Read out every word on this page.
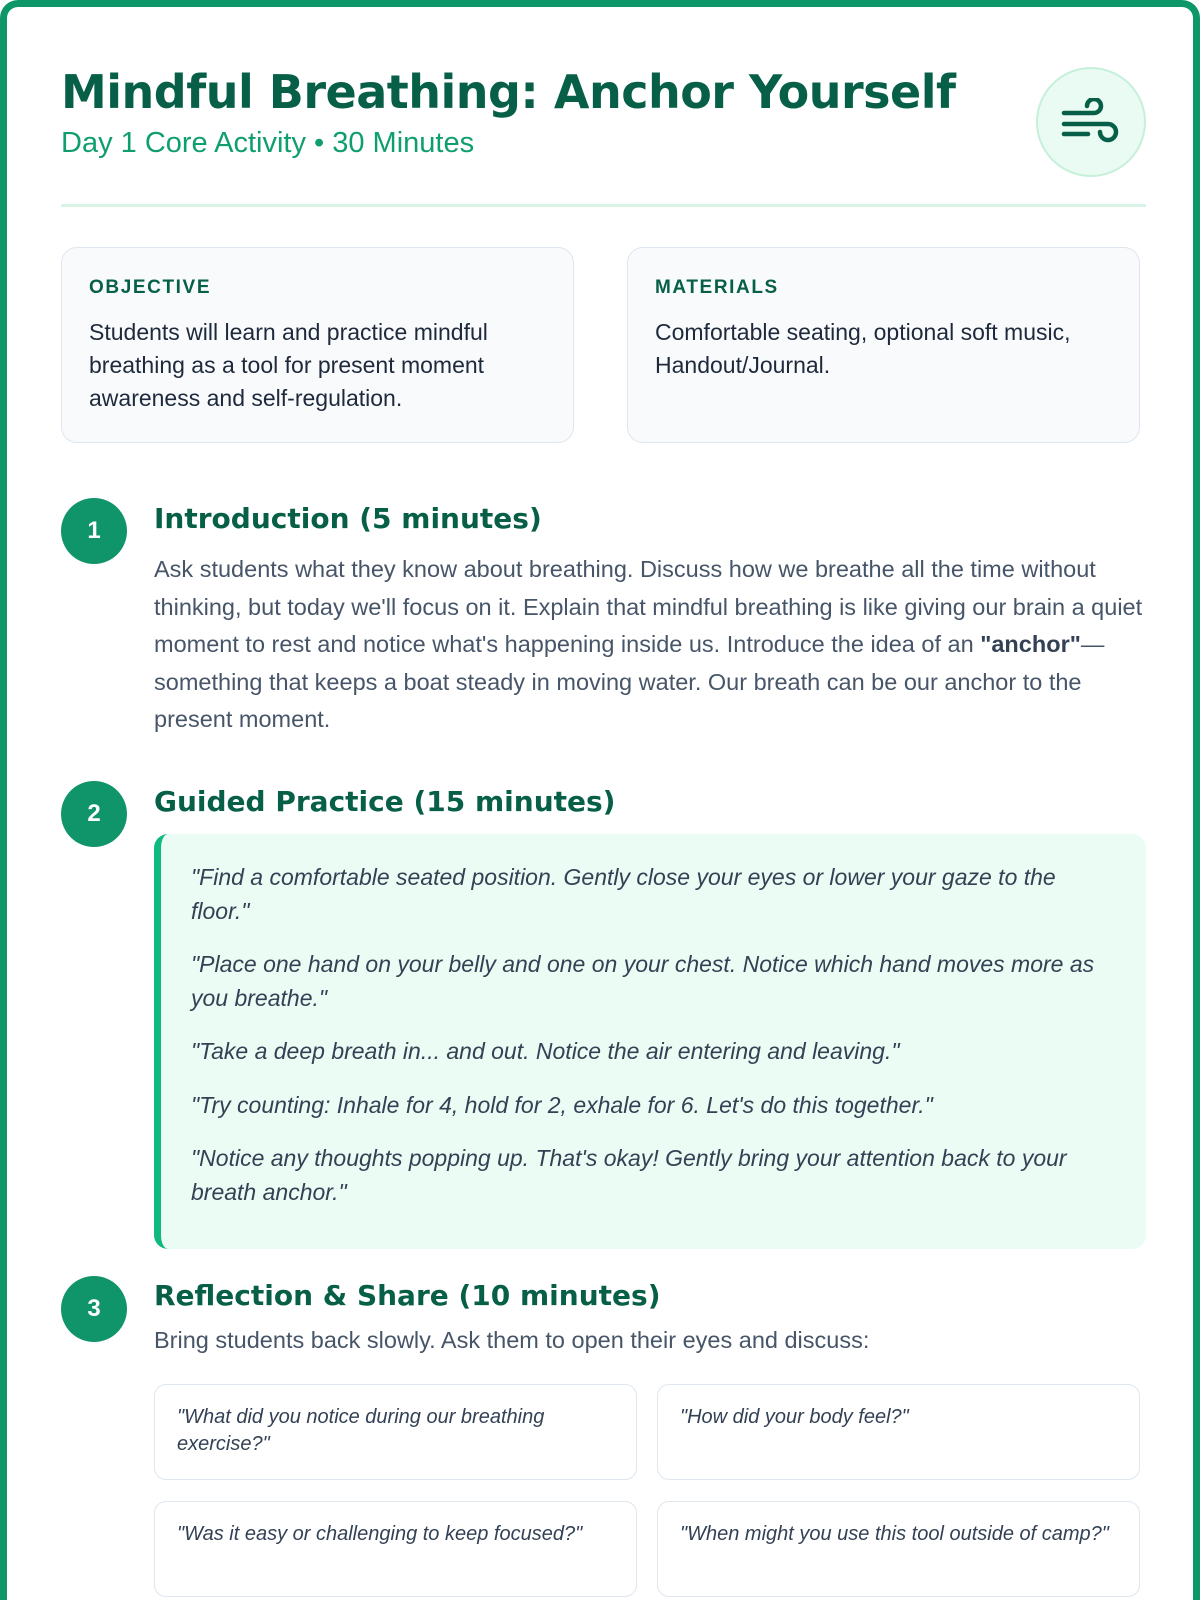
Mindful Breathing: Anchor Yourself
Day 1 Core Activity • 30 Minutes
OBJECTIVE
Students will learn and practice mindful breathing as a tool for present moment awareness and self-regulation.
MATERIALS
Comfortable seating, optional soft music, Handout/Journal.
1	Introduction (5 minutes)
Ask students what they know about breathing. Discuss how we breathe all the time without thinking, but today we'll focus on it. Explain that mindful breathing is like giving our brain a quiet moment to rest and notice what's happening inside us. Introduce the idea of an "anchor"—something that keeps a boat steady in moving water. Our breath can be our anchor to the present moment.
2	Guided Practice (15 minutes)
"Find a comfortable seated position. Gently close your eyes or lower your gaze to the floor."
"Place one hand on your belly and one on your chest. Notice which hand moves more as you breathe."
"Take a deep breath in... and out. Notice the air entering and leaving."
"Try counting: Inhale for 4, hold for 2, exhale for 6. Let's do this together."
"Notice any thoughts popping up. That's okay! Gently bring your attention back to your breath anchor."
3	Reflection & Share (10 minutes)
Bring students back slowly. Ask them to open their eyes and discuss:
"What did you notice during our breathing exercise?"
"How did your body feel?"
"Was it easy or challenging to keep focused?"	"When might you use this tool outside of camp?"
